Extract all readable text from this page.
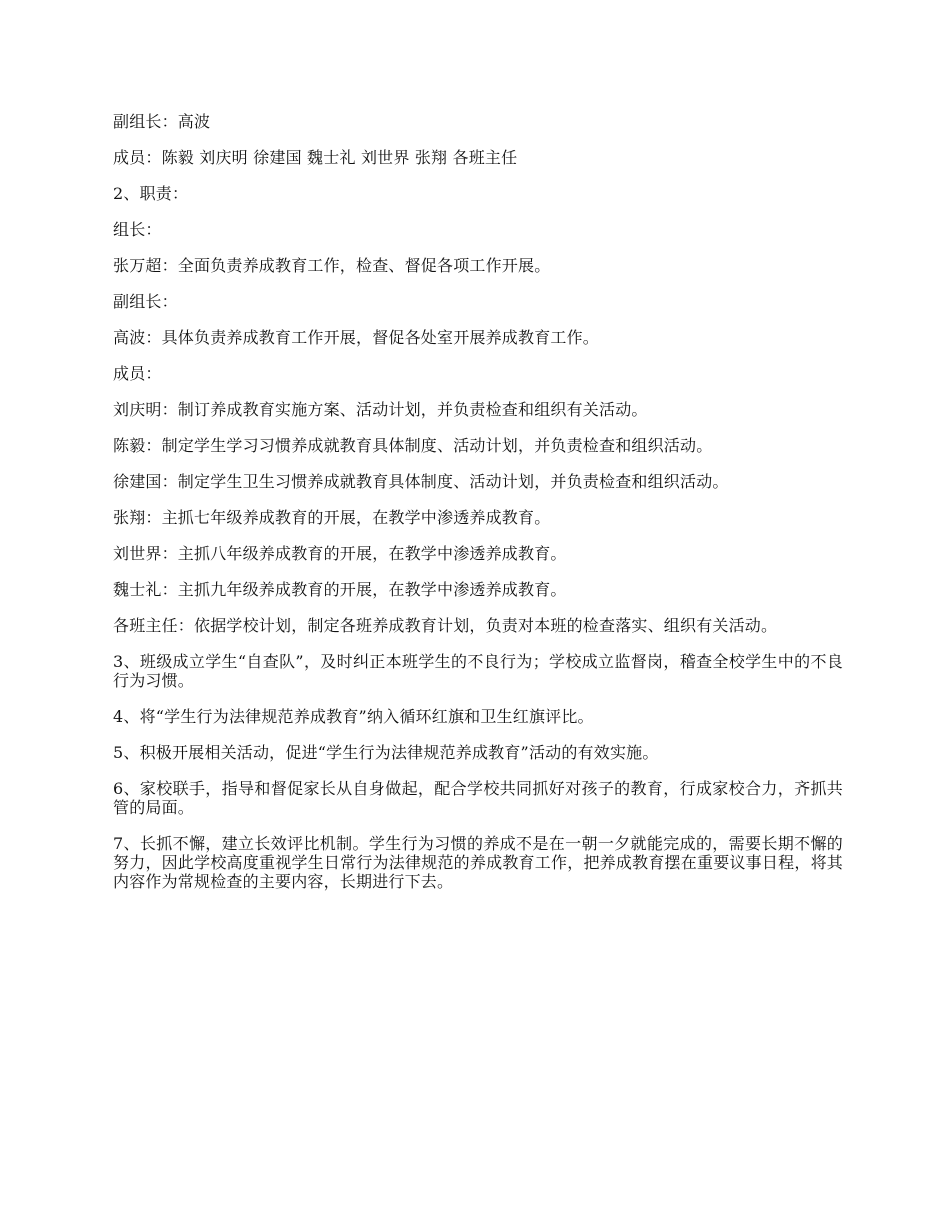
副组长：高波

成员：陈毅 刘庆明 徐建国 魏士礼 刘世界 张翔 各班主任

2、职责：

组长：

张万超：全面负责养成教育工作，检查、督促各项工作开展。

副组长：

高波：具体负责养成教育工作开展，督促各处室开展养成教育工作。

成员：

刘庆明：制订养成教育实施方案、活动计划，并负责检查和组织有关活动。

陈毅：制定学生学习习惯养成就教育具体制度、活动计划，并负责检查和组织活动。

徐建国：制定学生卫生习惯养成就教育具体制度、活动计划，并负责检查和组织活动。

张翔：主抓七年级养成教育的开展，在教学中渗透养成教育。

刘世界：主抓八年级养成教育的开展，在教学中渗透养成教育。

魏士礼：主抓九年级养成教育的开展，在教学中渗透养成教育。

各班主任：依据学校计划，制定各班养成教育计划，负责对本班的检查落实、组织有关活动。

3、班级成立学生“自查队”，及时纠正本班学生的不良行为；学校成立监督岗，稽查全校学生中的不良行为习惯。

4、将“学生行为法律规范养成教育”纳入循环红旗和卫生红旗评比。

5、积极开展相关活动，促进“学生行为法律规范养成教育”活动的有效实施。

6、家校联手，指导和督促家长从自身做起，配合学校共同抓好对孩子的教育，行成家校合力，齐抓共管的局面。

7、长抓不懈，建立长效评比机制。学生行为习惯的养成不是在一朝一夕就能完成的，需要长期不懈的努力，因此学校高度重视学生日常行为法律规范的养成教育工作，把养成教育摆在重要议事日程，将其内容作为常规检查的主要内容，长期进行下去。
